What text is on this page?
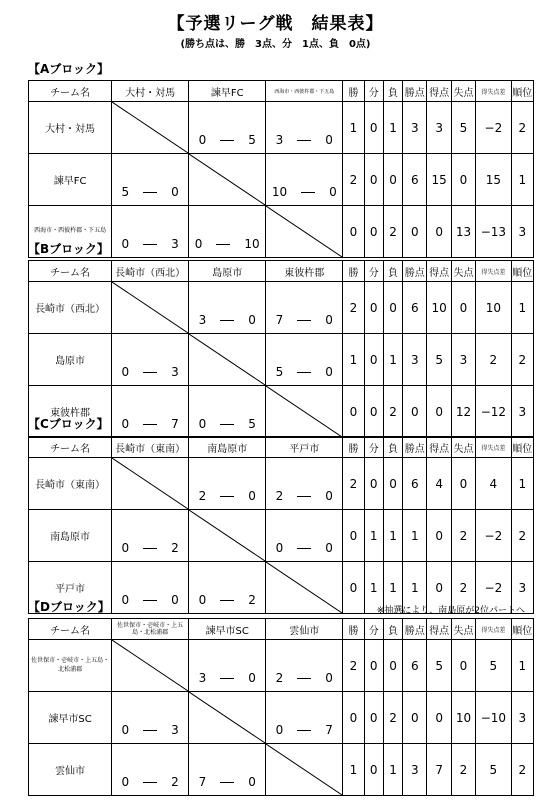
【予選リーグ戦　結果表】
(勝ち点は、勝　3点、分　1点、負　0点)
【Aブロック】
チーム名	大村・対馬	諫早FC	西海市・西彼杵郡・下五島	勝	分	負	勝点	得点	失点	得失点差	順位
大村・対馬		0 5	3 0	1	0	1	3	3	5	−2	2
諫早FC	5 0		10 0	2	0	0	6	15	0	15	1
西海市・西彼杵郡・下五島	0 3	0 10		0	0	2	0	0	13	−13	3
【Bブロック】
チーム名	長崎市（西北）	島原市	東彼杵郡	勝	分	負	勝点	得点	失点	得失点差	順位
長崎市（西北）		3 0	7 0	2	0	0	6	10	0	10	1
島原市	0 3		5 0	1	0	1	3	5	3	2	2
東彼杵郡	0 7	0 5		0	0	2	0	0	12	−12	3
【Cブロック】
チーム名	長崎市（東南）	南島原市	平戸市	勝	分	負	勝点	得点	失点	得失点差	順位
長崎市（東南）		2 0	2 0	2	0	0	6	4	0	4	1
南島原市	0 2		0 0	0	1	1	1	0	2	−2	2
平戸市	0 0	0 2		0	1	1	1	0	2	−2	3
【Dブロック】	※抽選により、南島原が2位パートへ
チーム名	佐世保市・壱岐市・上五島・北松浦郡	諫早市SC	雲仙市	勝	分	負	勝点	得点	失点	得失点差	順位
佐世保市・壱岐市・上五島・北松浦郡		3 0	2 0	2	0	0	6	5	0	5	1
諫早市SC	0 3		0 7	0	0	2	0	0	10	−10	3
雲仙市	0 2	7 0		1	0	1	3	7	2	5	2
